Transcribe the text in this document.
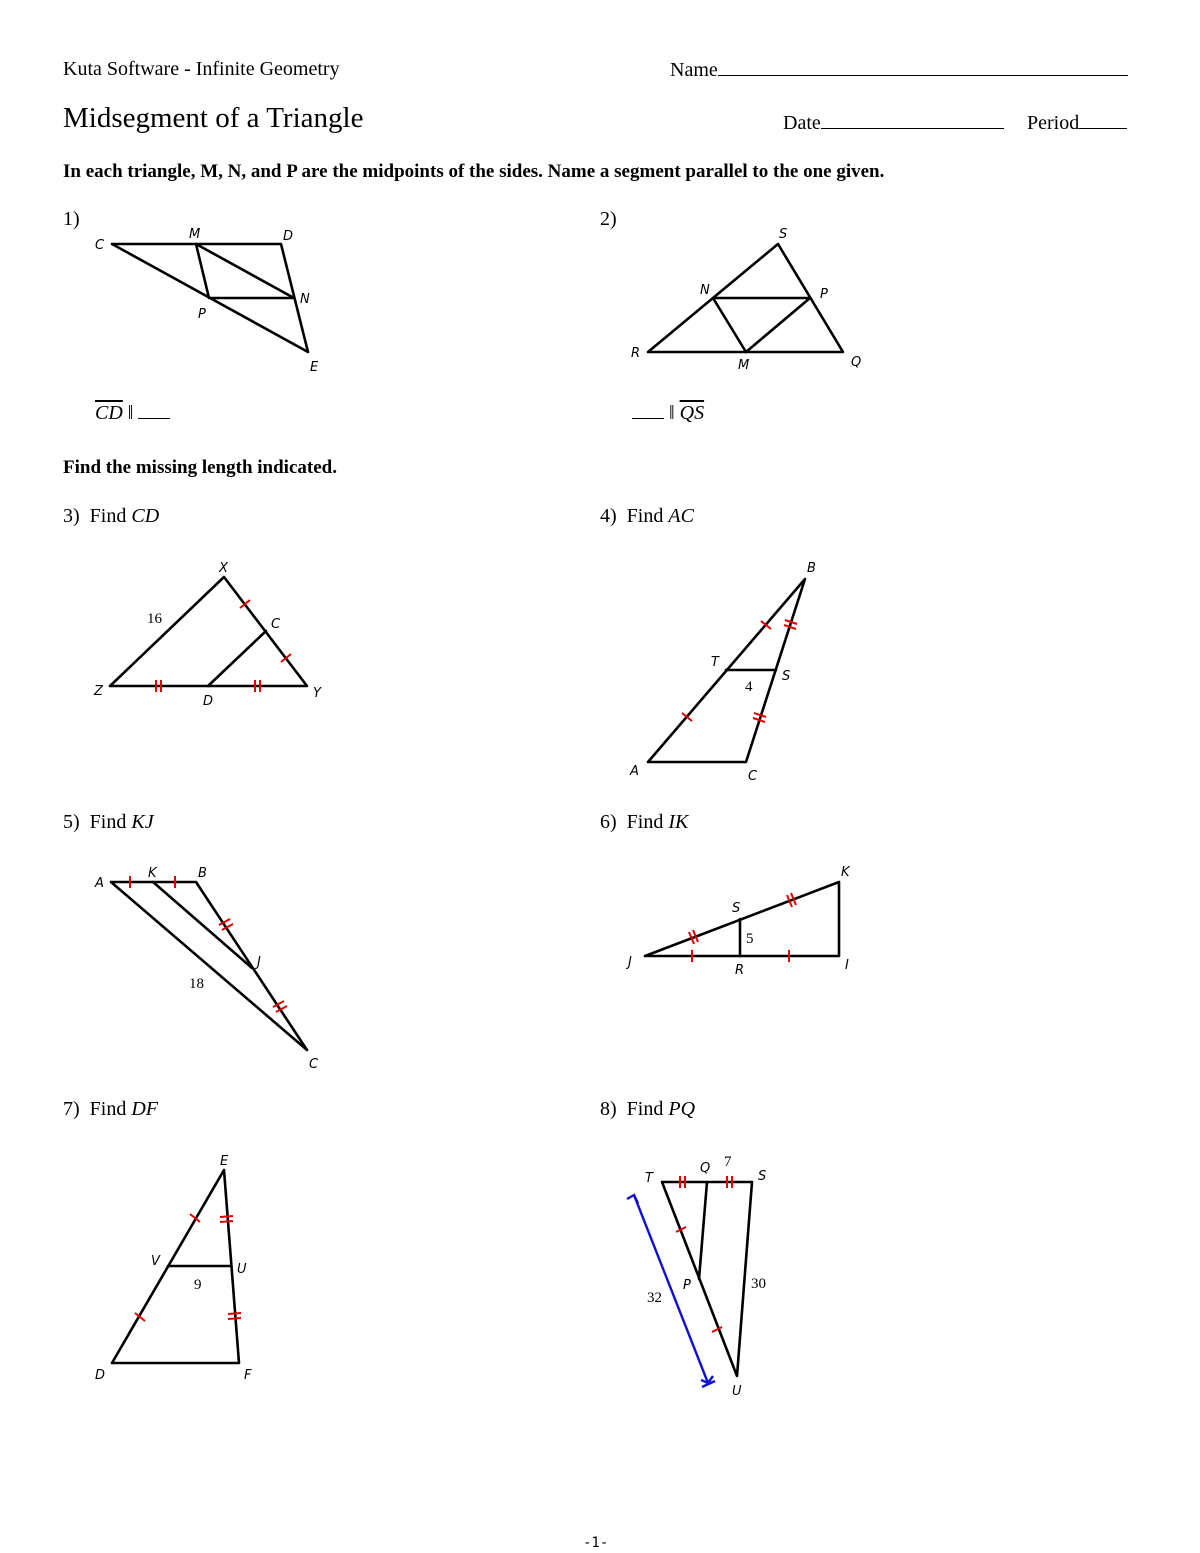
Kuta Software - Infinite Geometry	Name
Midsegment of a Triangle	Date	Period
In each triangle, M, N, and P are the midpoints of the sides. Name a segment parallel to the one given.
1)
C
M	D
N
P
E
$\overline{CD}$ ‖
2)
S
N	P
R
M	Q
‖ $\overline{QS}$
Find the missing length indicated.
3) Find CD
X
C
Z
D
Y
16
4) Find AC
B
T
S
A	C
4
5) Find KJ
A
K	B
J
C
18
6) Find IK
K
S
J
R	I
5
7) Find DF
E
V
U
D	F
9
8) Find PQ
T
Q
S
P
U
7
32
30
-1-
